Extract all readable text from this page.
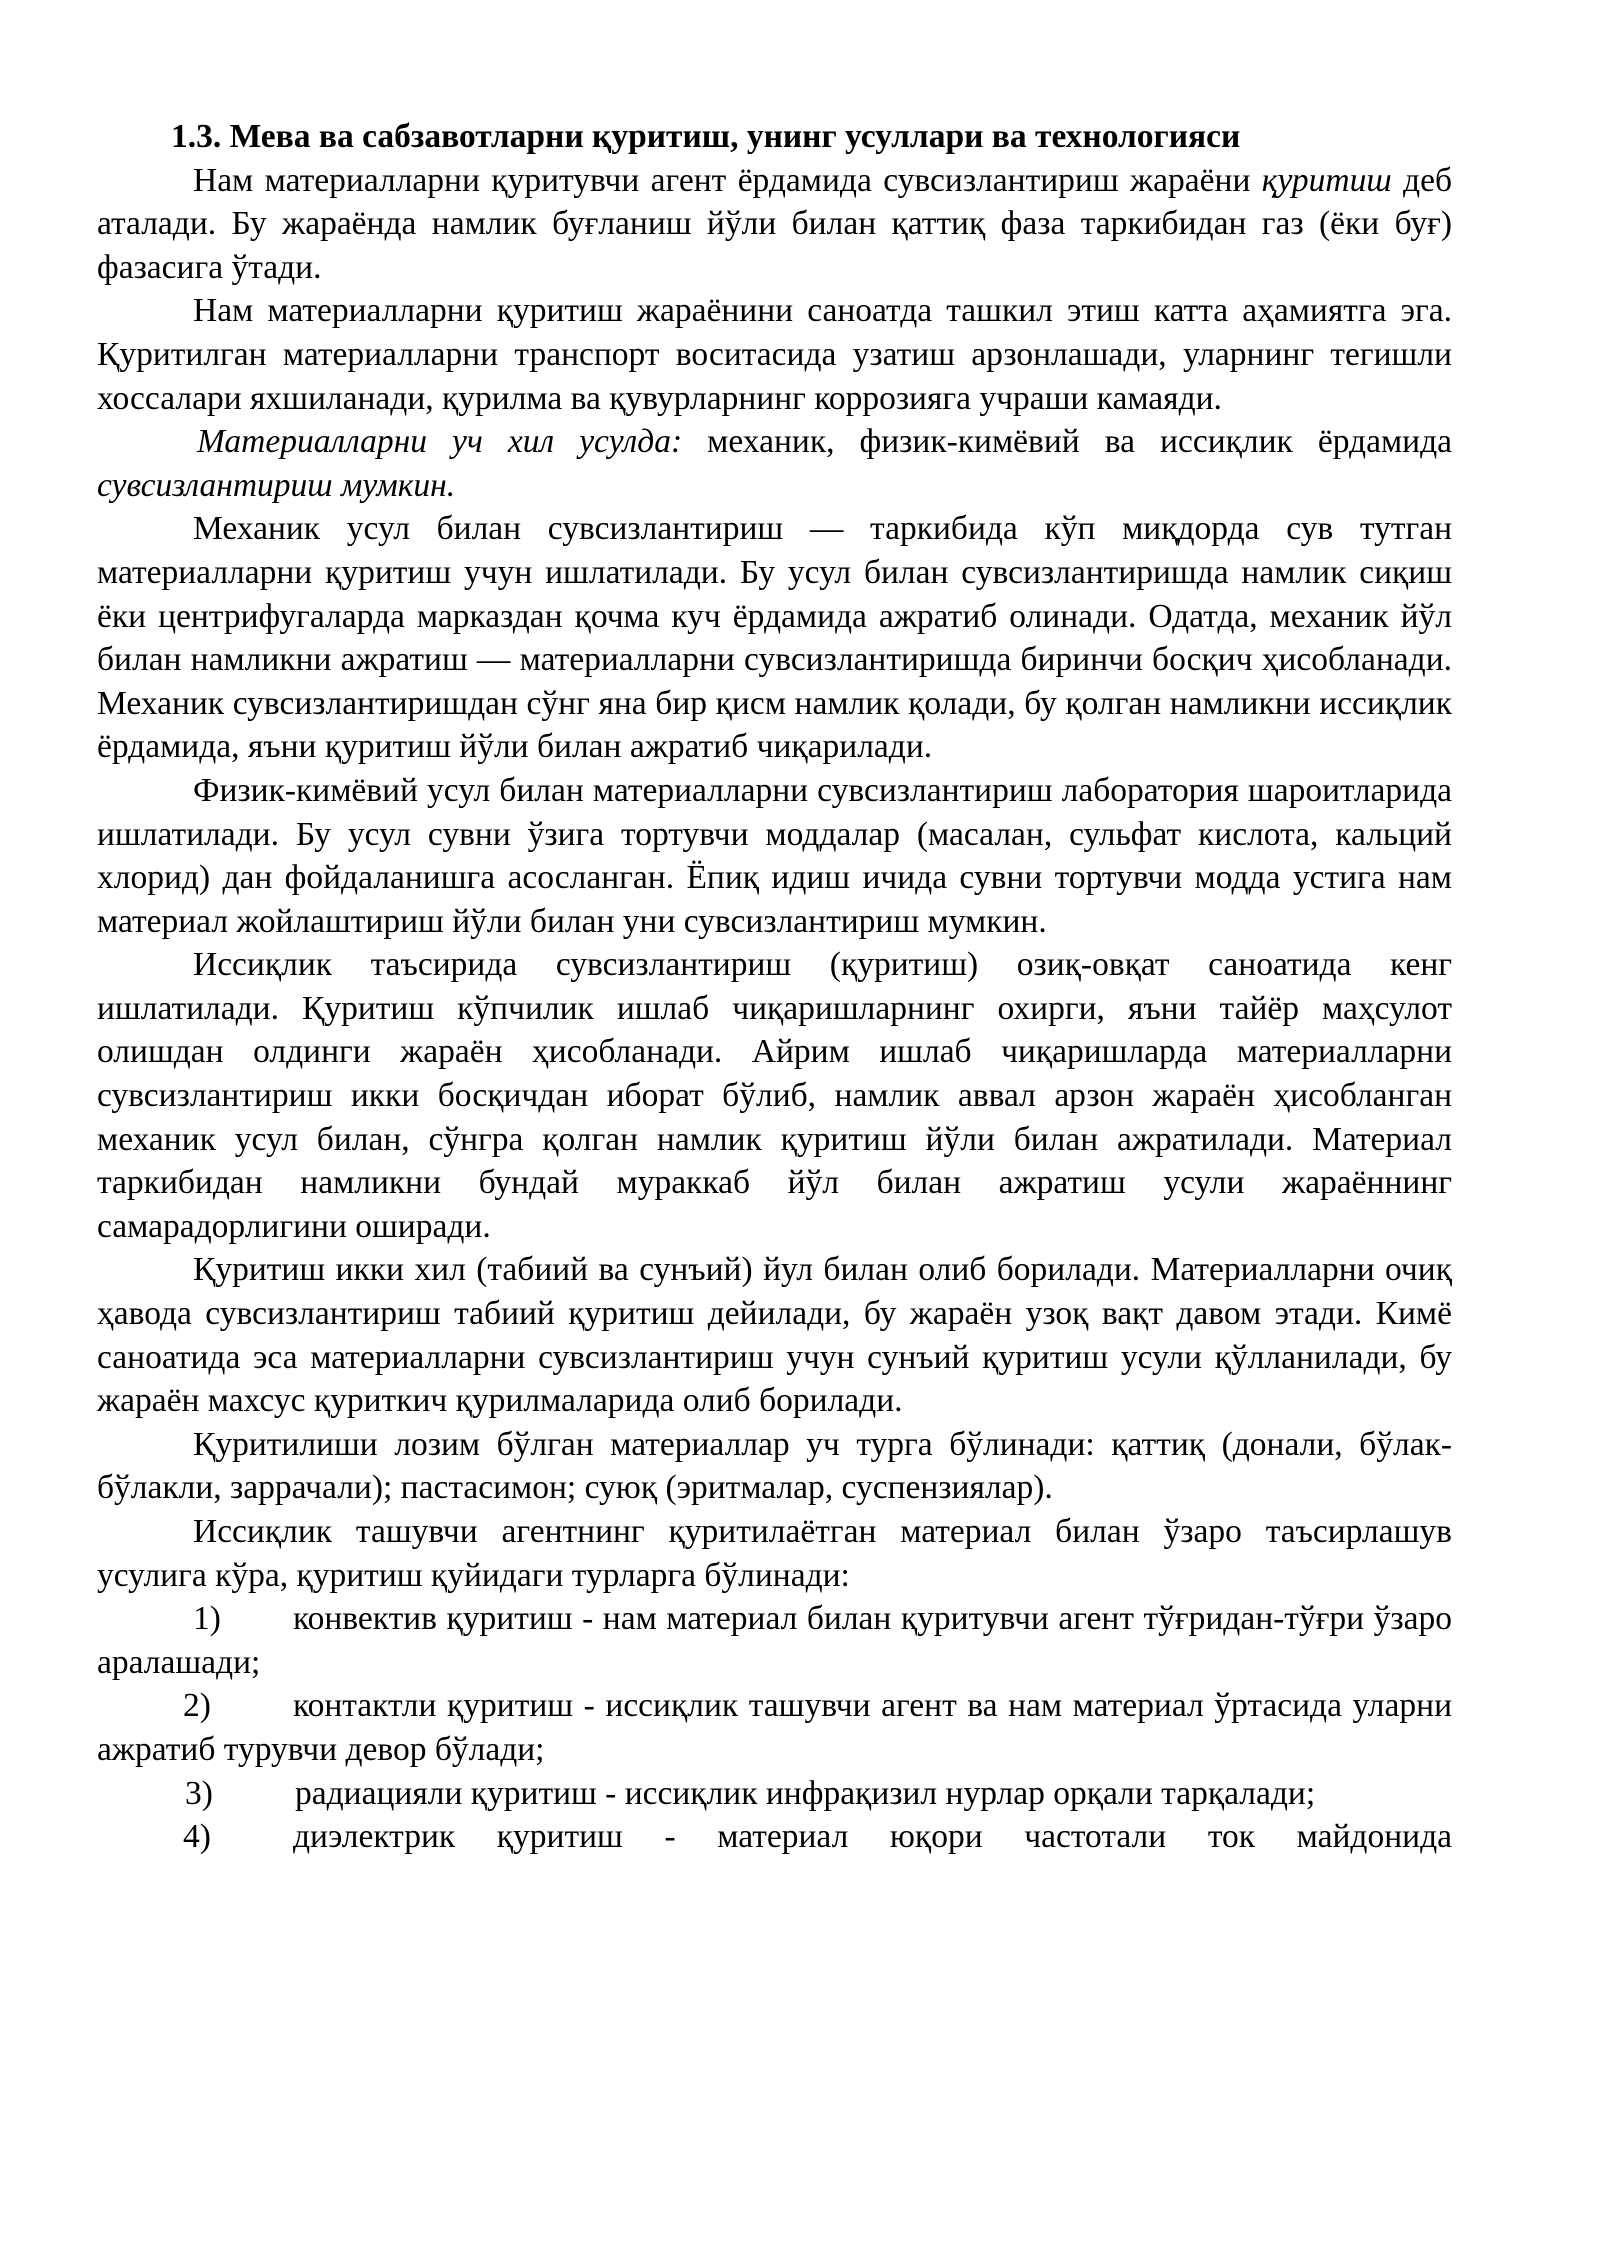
1.3. Мева ва сабзавотларни қуритиш, унинг усуллари ва технологияси

Нам материалларни қуритувчи агент ёрдамида сувсизлантириш жараёни қуритиш деб аталади. Бу жараёнда намлик буғланиш йўли билан қаттиқ фаза таркибидан газ (ёки буғ) фазасига ўтади.

Нам материалларни қуритиш жараёнини саноатда ташкил этиш катта аҳамиятга эга. Қуритилган материалларни транспорт воситасида узатиш арзонлашади, уларнинг тегишли хоссалари яхшиланади, қурилма ва қувурларнинг коррозияга учраши камаяди.

Материалларни уч хил усулда: механик, физик-кимёвий ва иссиқлик ёрдамида сувсизлантириш мумкин.

Механик усул билан сувсизлантириш — таркибида кўп миқдорда сув тутган материалларни қуритиш учун ишлатилади. Бу усул билан сувсизлантиришда намлик сиқиш ёки центрифугаларда марказдан қочма куч ёрдамида ажратиб олинади. Одатда, механик йўл билан намликни ажратиш — материалларни сувсизлантиришда биринчи босқич ҳисобланади. Механик сувсизлантиришдан сўнг яна бир қисм намлик қолади, бу қолган намликни иссиқлик ёрдамида, яъни қуритиш йўли билан ажратиб чиқарилади.

Физик-кимёвий усул билан материалларни сувсизлантириш лаборатория шароитларида ишлатилади. Бу усул сувни ўзига тортувчи моддалар (масалан, сульфат кислота, кальций хлорид) дан фойдаланишга асосланган. Ёпиқ идиш ичида сувни тортувчи модда устига нам материал жойлаштириш йўли билан уни сувсизлантириш мумкин.

Иссиқлик таъсирида сувсизлантириш (қуритиш) озиқ-овқат саноатида кенг ишлатилади. Қуритиш кўпчилик ишлаб чиқаришларнинг охирги, яъни тайёр маҳсулот олишдан олдинги жараён ҳисобланади. Айрим ишлаб чиқаришларда материалларни сувсизлантириш икки босқичдан иборат бўлиб, намлик аввал арзон жараён ҳисобланган механик усул билан, сўнгра қолган намлик қуритиш йўли билан ажратилади. Материал таркибидан намликни бундай мураккаб йўл билан ажратиш усули жараённинг самарадорлигини оширади.

Қуритиш икки хил (табиий ва сунъий) йул билан олиб борилади. Материалларни очиқ ҳавода сувсизлантириш табиий қуритиш дейилади, бу жараён узоқ вақт давом этади. Кимё саноатида эса материалларни сувсизлантириш учун сунъий қуритиш усули қўлланилади, бу жараён махсус қуриткич қурилмаларида олиб борилади.

Қуритилиши лозим бўлган материаллар уч турга бўлинади: қаттиқ (донали, бўлак-бўлакли, заррачали); пастасимон; суюқ (эритмалар, суспензиялар).

Иссиқлик ташувчи агентнинг қуритилаётган материал билан ўзаро таъсирлашув усулига кўра, қуритиш қуйидаги турларга бўлинади:

1) конвектив қуритиш - нам материал билан қуритувчи агент тўғридан-тўғри ўзаро аралашади;
2) контактли қуритиш - иссиқлик ташувчи агент ва нам материал ўртасида уларни ажратиб турувчи девор бўлади;
3) радиацияли қуритиш - иссиқлик инфрақизил нурлар орқали тарқалади;
4) диэлектрик қуритиш - материал юқори частотали ток майдонида
